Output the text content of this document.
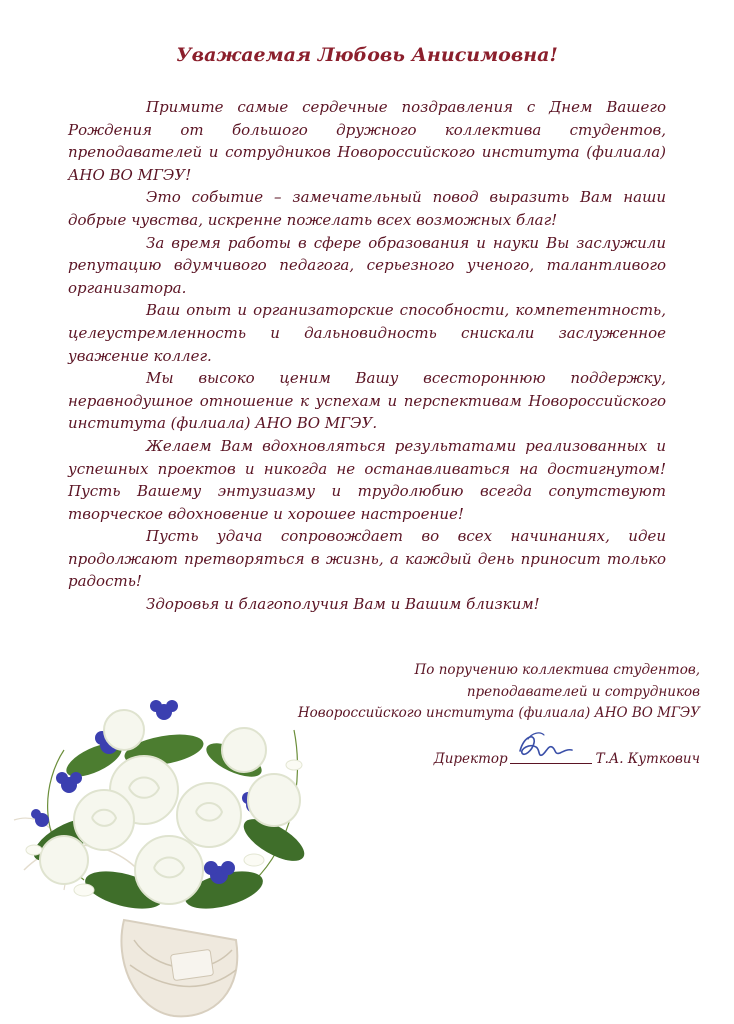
Уважаемая Любовь Анисимовна!

Примите самые сердечные поздравления с Днем Вашего Рождения от большого дружного коллектива студентов, преподавателей и сотрудников Новороссийского института (филиала) АНО ВО МГЭУ!

Это событие – замечательный повод выразить Вам наши добрые чувства, искренне пожелать всех возможных благ!

За время работы в сфере образования и науки Вы заслужили репутацию вдумчивого педагога, серьезного ученого, талантливого организатора.

Ваш опыт и организаторские способности, компетентность, целеустремленность и дальновидность снискали заслуженное уважение коллег.

Мы высоко ценим Вашу всестороннюю поддержку, неравнодушное отношение к успехам и перспективам Новороссийского института (филиала) АНО ВО МГЭУ.

Желаем Вам вдохновляться результатами реализованных и успешных проектов и никогда не останавливаться на достигнутом! Пусть Вашему энтузиазму и трудолюбию всегда сопутствуют творческое вдохновение и хорошее настроение!

Пусть удача сопровождает во всех начинаниях, идеи продолжают претворяться в жизнь, а каждый день приносит только радость!

Здоровья и благополучия Вам и Вашим близким!

По поручению коллектива студентов,
преподавателей и сотрудников
Новороссийского института (филиала) АНО ВО МГЭУ
Директор	Т.А. Куткович
